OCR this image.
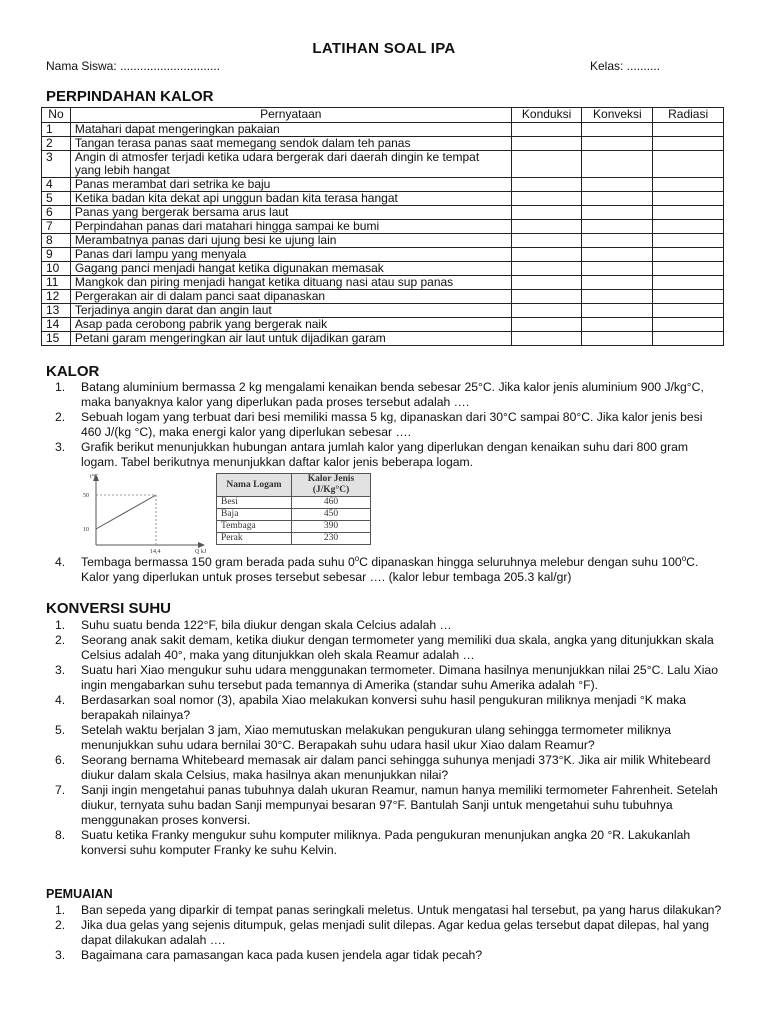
LATIHAN SOAL IPA
Nama Siswa: ..............................	Kelas: ..........
PERPINDAHAN KALOR
No	Pernyataan	Konduksi	Konveksi	Radiasi
1	Matahari dapat mengeringkan pakaian			
2	Tangan terasa panas saat memegang sendok dalam teh panas			
3	Angin di atmosfer terjadi ketika udara bergerak dari daerah dingin ke tempat yang lebih hangat			
4	Panas merambat dari setrika ke baju			
5	Ketika badan kita dekat api unggun badan kita terasa hangat			
6	Panas yang bergerak bersama arus laut			
7	Perpindahan panas dari matahari hingga sampai ke bumi			
8	Merambatnya panas dari ujung besi ke ujung lain			
9	Panas dari lampu yang menyala			
10	Gagang panci menjadi hangat ketika digunakan memasak			
11	Mangkok dan piring menjadi hangat ketika dituang nasi atau sup panas			
12	Pergerakan air di dalam panci saat dipanaskan			
13	Terjadinya angin darat dan angin laut			
14	Asap pada cerobong pabrik yang bergerak naik			
15	Petani garam mengeringkan air laut untuk dijadikan garam			
KALOR
1. Batang aluminium bermassa 2 kg mengalami kenaikan benda sebesar 25°C. Jika kalor jenis aluminium 900 J/kg°C, maka banyaknya kalor yang diperlukan pada proses tersebut adalah ….
2. Sebuah logam yang terbuat dari besi memiliki massa 5 kg, dipanaskan dari 30°C sampai 80°C. Jika kalor jenis besi 460 J/(kg °C), maka energi kalor yang diperlukan sebesar ….
3. Grafik berikut menunjukkan hubungan antara jumlah kalor yang diperlukan dengan kenaikan suhu dari 800 gram logam. Tabel berikutnya menunjukkan daftar kalor jenis beberapa logam.
t°C
50
10
14,4	Q kJ
Nama Logam	Kalor Jenis
(J/Kg°C)

Besi	460
Baja	450
Tembaga	390
Perak	230
4. Tembaga bermassa 150 gram berada pada suhu 0$^o$C dipanaskan hingga seluruhnya melebur dengan suhu 100$^o$C. Kalor yang diperlukan untuk proses tersebut sebesar …. (kalor lebur tembaga 205.3 kal/gr)
KONVERSI SUHU
1. Suhu suatu benda 122°F, bila diukur dengan skala Celcius adalah …
2. Seorang anak sakit demam, ketika diukur dengan termometer yang memiliki dua skala, angka yang ditunjukkan skala Celsius adalah 40°, maka yang ditunjukkan oleh skala Reamur adalah …
3. Suatu hari Xiao mengukur suhu udara menggunakan termometer. Dimana hasilnya menunjukkan nilai 25°C. Lalu Xiao ingin mengabarkan suhu tersebut pada temannya di Amerika (standar suhu Amerika adalah °F).
4. Berdasarkan soal nomor (3), apabila Xiao melakukan konversi suhu hasil pengukuran miliknya menjadi °K maka berapakah nilainya?
5. Setelah waktu berjalan 3 jam, Xiao memutuskan melakukan pengukuran ulang sehingga termometer miliknya menunjukkan suhu udara bernilai 30°C. Berapakah suhu udara hasil ukur Xiao dalam Reamur?
6. Seorang bernama Whitebeard memasak air dalam panci sehingga suhunya menjadi 373°K. Jika air milik Whitebeard diukur dalam skala Celsius, maka hasilnya akan menunjukkan nilai?
7. Sanji ingin mengetahui panas tubuhnya dalah ukuran Reamur, namun hanya memiliki termometer Fahrenheit. Setelah diukur, ternyata suhu badan Sanji mempunyai besaran 97°F. Bantulah Sanji untuk mengetahui suhu tubuhnya menggunakan proses konversi.
8. Suatu ketika Franky mengukur suhu komputer miliknya. Pada pengukuran menunjukan angka 20 °R. Lakukanlah konversi suhu komputer Franky ke suhu Kelvin.
PEMUAIAN
1. Ban sepeda yang diparkir di tempat panas seringkali meletus. Untuk mengatasi hal tersebut, pa yang harus dilakukan?
2. Jika dua gelas yang sejenis ditumpuk, gelas menjadi sulit dilepas. Agar kedua gelas tersebut dapat dilepas, hal yang dapat dilakukan adalah ….
3. Bagaimana cara pamasangan kaca pada kusen jendela agar tidak pecah?
